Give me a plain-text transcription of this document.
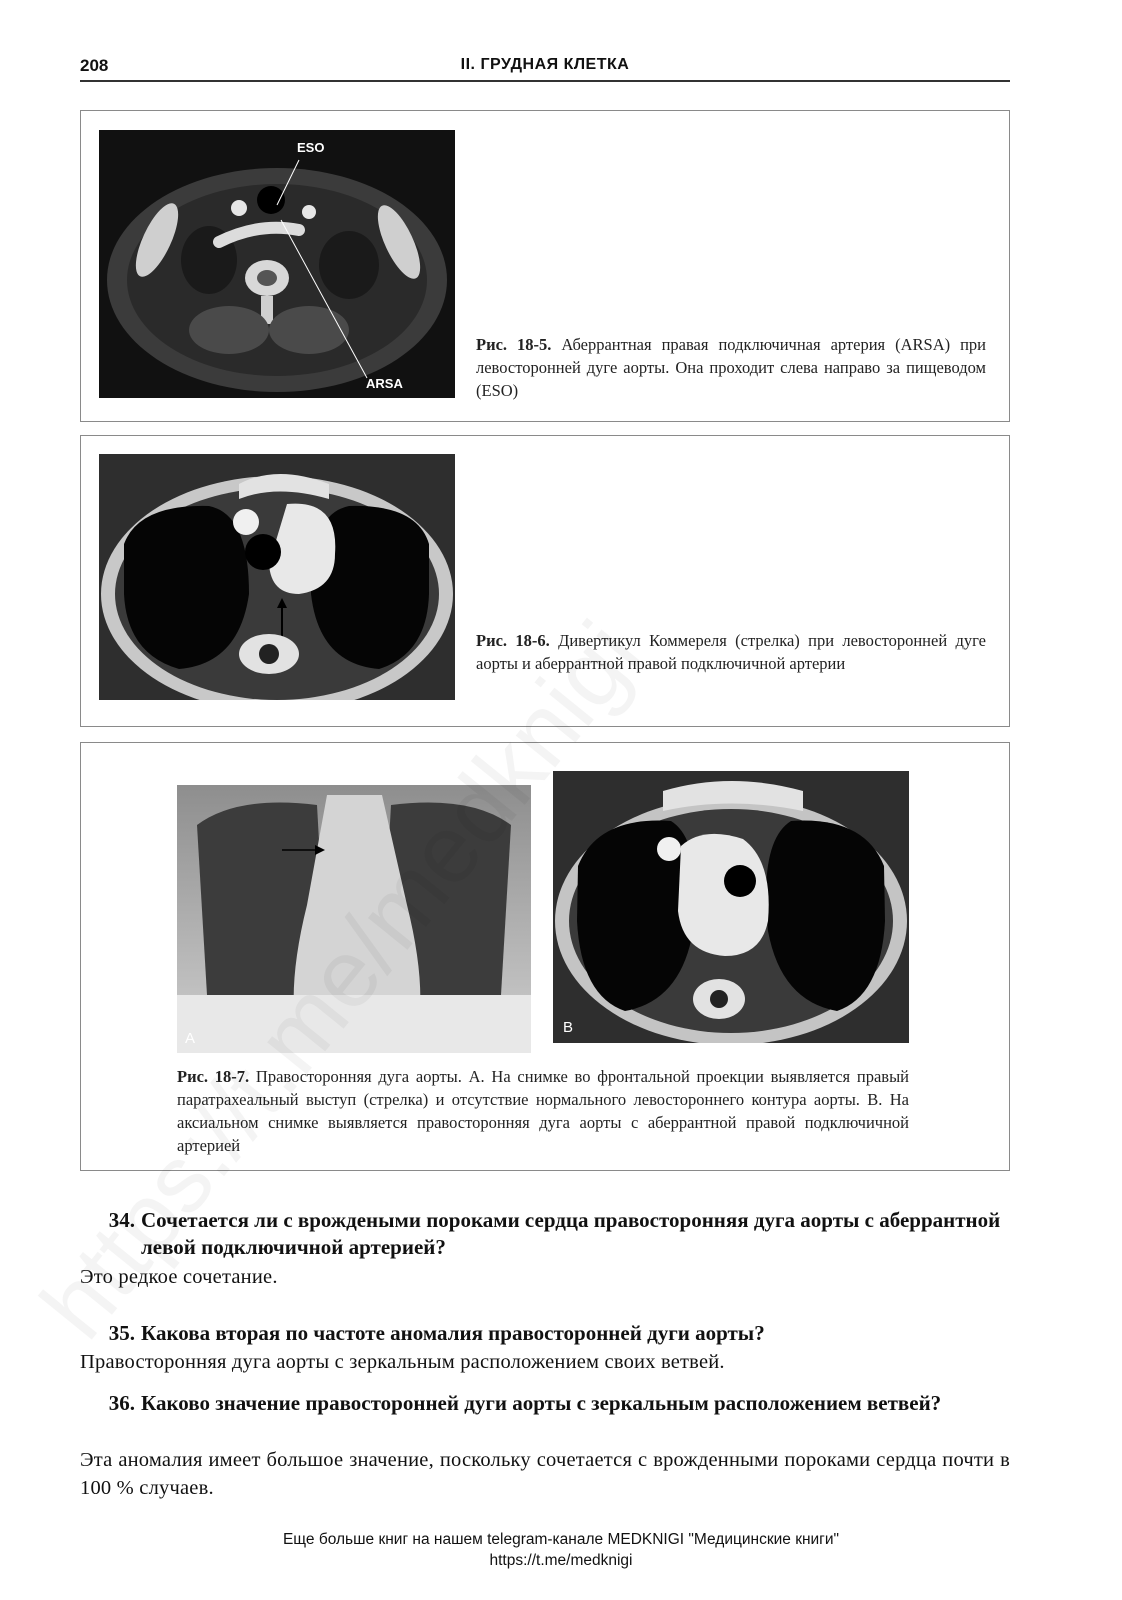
208	II. ГРУДНАЯ КЛЕТКА
ESO
ARSA
Рис. 18-5. Аберрантная правая подключичная артерия (ARSA) при левосторонней дуге аорты. Она проходит слева направо за пищеводом (ESO)
Рис. 18-6. Дивертикул Коммереля (стрелка) при левосторонней дуге аорты и аберрантной правой подключичной артерии
A
B
Рис. 18-7. Правосторонняя дуга аорты. A. На снимке во фронтальной проекции выявляется правый паратрахеальный выступ (стрелка) и отсутствие нормального левостороннего контура аорты. B. На аксиальном снимке выявляется правосторонняя дуга аорты с аберрантной правой подключичной артерией
34. Сочетается ли с врождеными пороками сердца правосторонняя дуга аорты с аберрантной левой подключичной артерией?
Это редкое сочетание.
35. Какова вторая по частоте аномалия правосторонней дуги аорты?
Правосторонняя дуга аорты с зеркальным расположением своих ветвей.
36. Каково значение правосторонней дуги аорты с зеркальным расположением ветвей?
Эта аномалия имеет большое значение, поскольку сочетается с врожденными пороками сердца почти в 100 % случаев.
Еще больше книг на нашем telegram-канале MEDKNIGI "Медицинские книги"
https://t.me/medknigi
